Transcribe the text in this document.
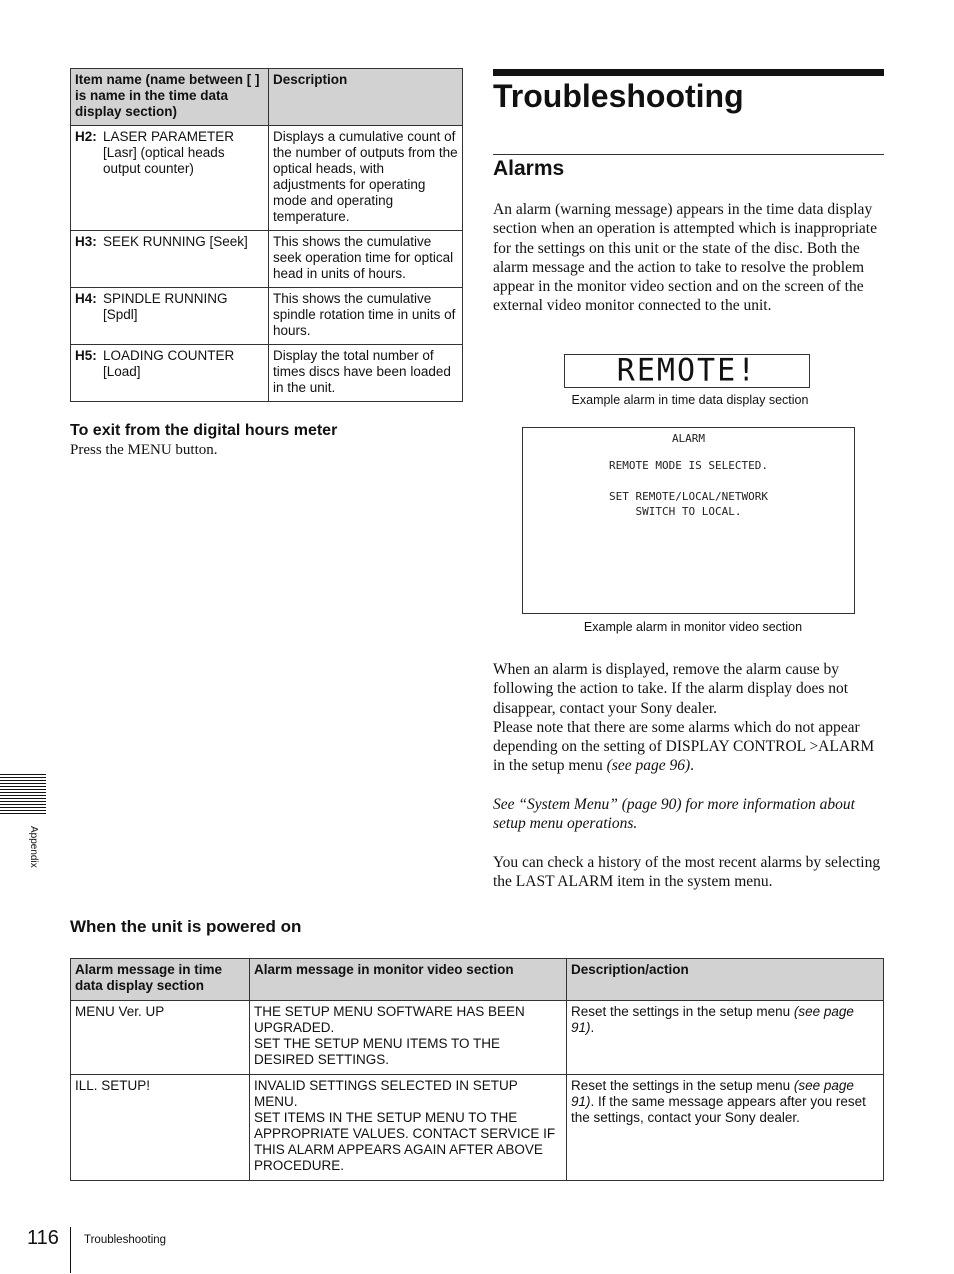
Item name (name between [ ] is name in the time data display section)	Description

H2: LASER PARAMETER [Lasr] (optical heads output counter)	Displays a cumulative count of the number of outputs from the optical heads, with adjustments for operating mode and operating temperature.

H3: SEEK RUNNING [Seek]	This shows the cumulative seek operation time for optical head in units of hours.

H4: SPINDLE RUNNING [Spdl]	This shows the cumulative spindle rotation time in units of hours.

H5: LOADING COUNTER [Load]	Display the total number of times discs have been loaded in the unit.
To exit from the digital hours meter
Press the MENU button.
Troubleshooting
Alarms

An alarm (warning message) appears in the time data display section when an operation is attempted which is inappropriate for the settings on this unit or the state of the disc. Both the alarm message and the action to take to resolve the problem appear in the monitor video section and on the screen of the external video monitor connected to the unit.

REMOTE!
Example alarm in time data display section
ALARM
REMOTE MODE IS SELECTED.
SET REMOTE/LOCAL/NETWORK
SWITCH TO LOCAL.
Example alarm in monitor video section

When an alarm is displayed, remove the alarm cause by following the action to take. If the alarm display does not disappear, contact your Sony dealer.
Please note that there are some alarms which do not appear depending on the setting of DISPLAY CONTROL >ALARM in the setup menu (see page 96).

See “System Menu” (page 90) for more information about setup menu operations.

You can check a history of the most recent alarms by selecting the LAST ALARM item in the system menu.

Appendix
When the unit is powered on
Alarm message in time data display section	Alarm message in monitor video section	Description/action
MENU Ver. UP	THE SETUP MENU SOFTWARE HAS BEEN UPGRADED.
SET THE SETUP MENU ITEMS TO THE DESIRED SETTINGS.	Reset the settings in the setup menu (see page 91).
ILL. SETUP!	INVALID SETTINGS SELECTED IN SETUP MENU.
SET ITEMS IN THE SETUP MENU TO THE APPROPRIATE VALUES. CONTACT SERVICE IF THIS ALARM APPEARS AGAIN AFTER ABOVE PROCEDURE.	Reset the settings in the setup menu (see page 91). If the same message appears after you reset the settings, contact your Sony dealer.
116 Troubleshooting
